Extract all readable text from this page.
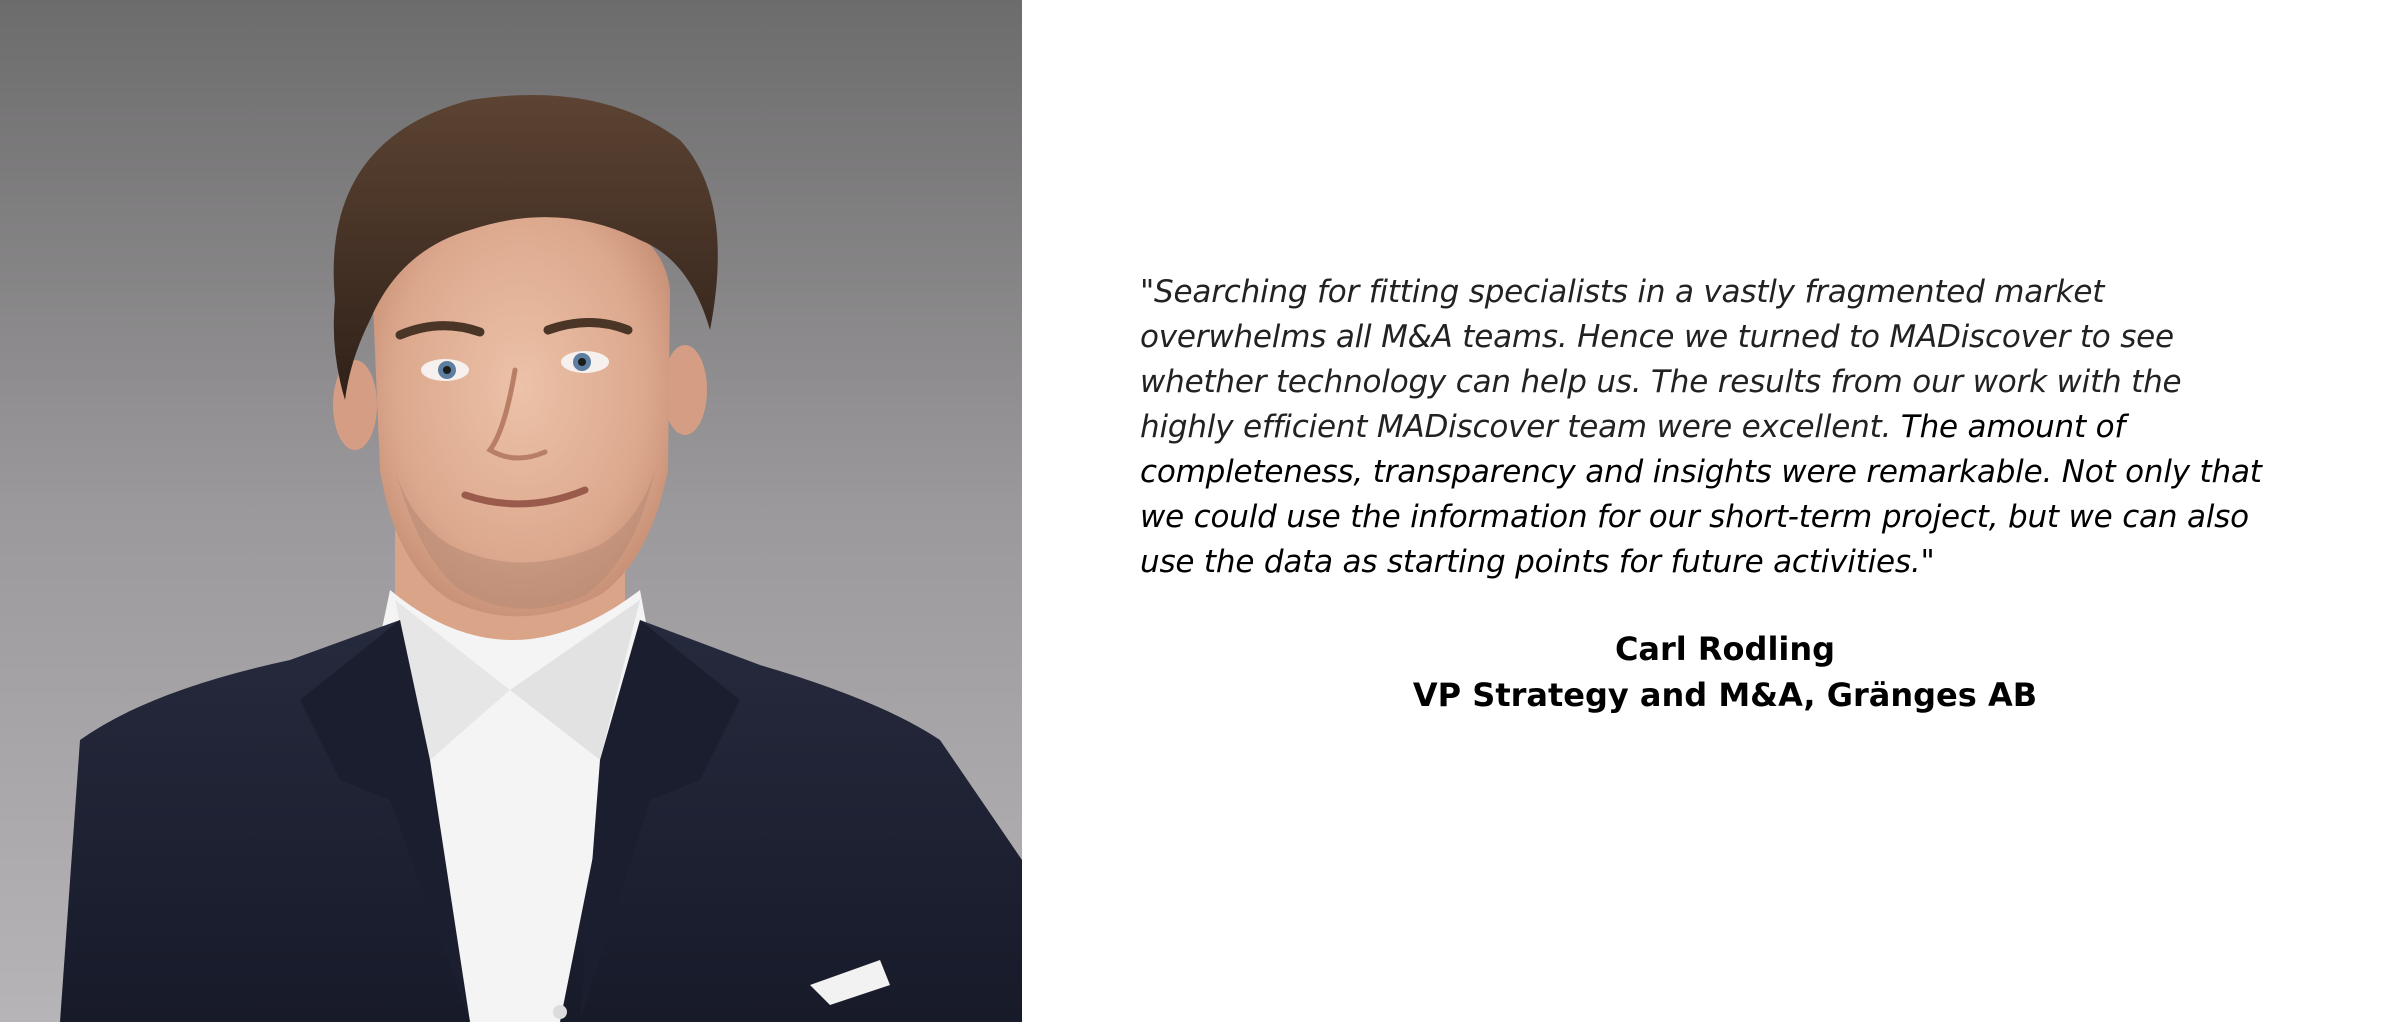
"Searching for fitting specialists in a vastly fragmented market overwhelms all M&A teams. Hence we turned to MADiscover to see whether technology can help us. The results from our work with the highly efficient MADiscover team were excellent. The amount of completeness, transparency and insights were remarkable. Not only that we could use the information for our short-term project, but we can also use the data as starting points for future activities."

Carl Rodling
VP Strategy and M&A, Gränges AB
